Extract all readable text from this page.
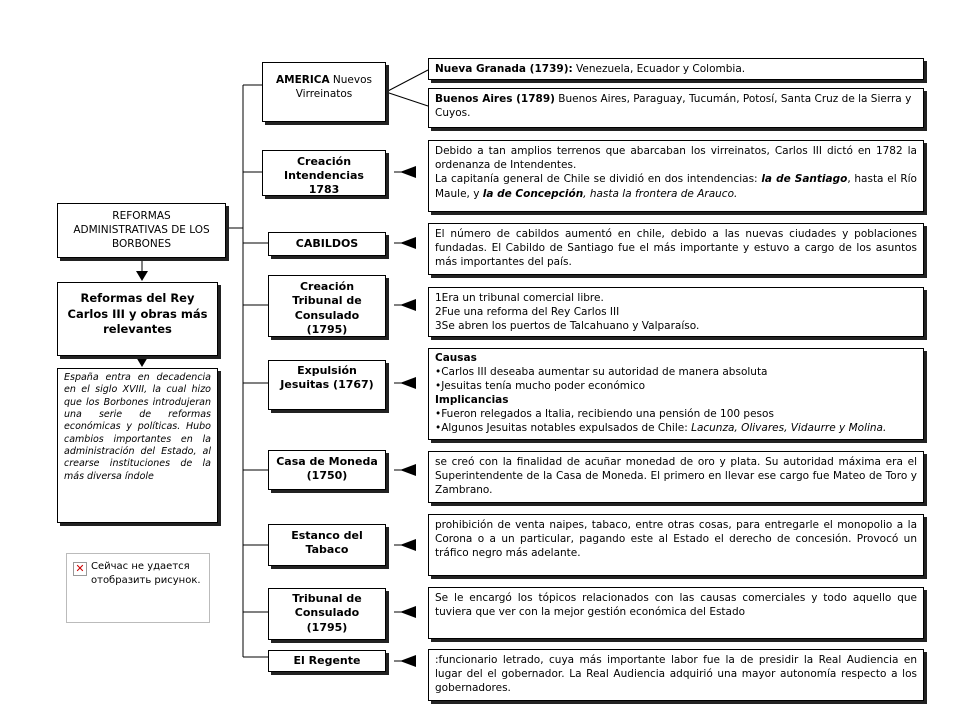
REFORMAS ADMINISTRATIVAS DE LOS BORBONES
Reformas del Rey Carlos III y obras más relevantes
España entra en decadencia en el siglo XVIII, la cual hizo que los Borbones introdujeran una serie de reformas económicas y políticas. Hubo cambios importantes en la administración del Estado, al crearse instituciones de la más diversa índole
✕ Сейчас не удается
отобразить рисунок.
AMERICA Nuevos Virreinatos
Creación Intendencias 1783
CABILDOS
Creación Tribunal de Consulado (1795)
Expulsión Jesuitas (1767)
Casa de Moneda (1750)
Estanco del Tabaco
Tribunal de Consulado (1795)
El Regente
Nueva Granada (1739): Venezuela, Ecuador y Colombia.
Buenos Aires (1789) Buenos Aires, Paraguay, Tucumán, Potosí, Santa Cruz de la Sierra y Cuyos.
Debido a tan amplios terrenos que abarcaban los virreinatos, Carlos III dictó en 1782 la ordenanza de Intendentes.
La capitanía general de Chile se dividió en dos intendencias: la de Santiago, hasta el Río Maule, y la de Concepción, hasta la frontera de Arauco.
El número de cabildos aumentó en chile, debido a las nuevas ciudades y poblaciones fundadas. El Cabildo de Santiago fue el más importante y estuvo a cargo de los asuntos más importantes del país.
1Era un tribunal comercial libre.
2Fue una reforma del Rey Carlos III
3Se abren los puertos de Talcahuano y Valparaíso.
Causas
•Carlos III deseaba aumentar su autoridad de manera absoluta
•Jesuitas tenía mucho poder económico
Implicancias
•Fueron relegados a Italia, recibiendo una pensión de 100 pesos
•Algunos Jesuitas notables expulsados de Chile: Lacunza, Olivares, Vidaurre y Molina.
se creó con la finalidad de acuñar monedad de oro y plata. Su autoridad máxima era el Superintendente de la Casa de Moneda. El primero en llevar ese cargo fue Mateo de Toro y Zambrano.
prohibición de venta naipes, tabaco, entre otras cosas, para entregarle el monopolio a la Corona o a un particular, pagando este al Estado el derecho de concesión. Provocó un tráfico negro más adelante.
Se le encargó los tópicos relacionados con las causas comerciales y todo aquello que tuviera que ver con la mejor gestión económica del Estado
:funcionario letrado, cuya más importante labor fue la de presidir la Real Audiencia en lugar del el gobernador. La Real Audiencia adquirió una mayor autonomía respecto a los gobernadores.
